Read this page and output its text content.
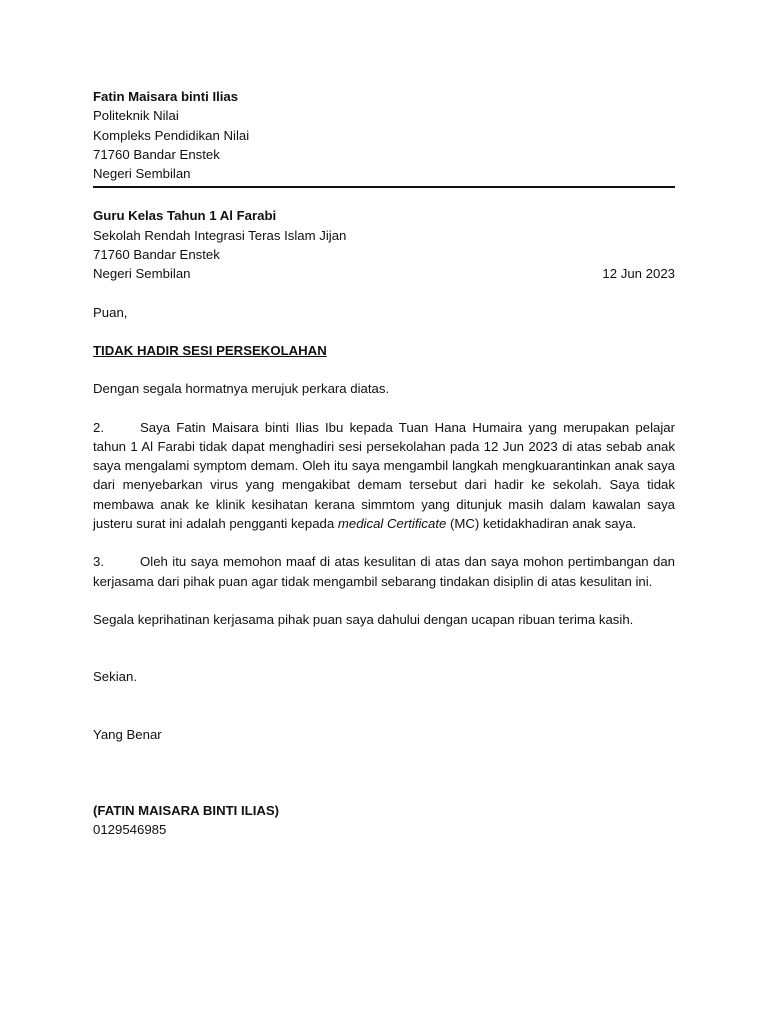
Fatin Maisara binti Ilias
Politeknik Nilai
Kompleks Pendidikan Nilai
71760 Bandar Enstek
Negeri Sembilan
Guru Kelas Tahun 1 Al Farabi
Sekolah Rendah Integrasi Teras Islam Jijan
71760 Bandar Enstek
Negeri Sembilan	12 Jun 2023
Puan,
TIDAK HADIR SESI PERSEKOLAHAN
Dengan segala hormatnya merujuk perkara diatas.

2.	Saya Fatin Maisara binti Ilias Ibu kepada Tuan Hana Humaira yang merupakan pelajar tahun 1 Al Farabi tidak dapat menghadiri sesi persekolahan pada 12 Jun 2023 di atas sebab anak saya mengalami symptom demam. Oleh itu saya mengambil langkah mengkuarantinkan anak saya dari menyebarkan virus yang mengakibat demam tersebut dari hadir ke sekolah. Saya tidak membawa anak ke klinik kesihatan kerana simmtom yang ditunjuk masih dalam kawalan saya justeru surat ini adalah pengganti kepada medical Certificate (MC) ketidakhadiran anak saya.

3.	Oleh itu saya memohon maaf di atas kesulitan di atas dan saya mohon pertimbangan dan kerjasama dari pihak puan agar tidak mengambil sebarang tindakan disiplin di atas kesulitan ini.

Segala keprihatinan kerjasama pihak puan saya dahului dengan ucapan ribuan terima kasih.
Sekian.
Yang Benar
(FATIN MAISARA BINTI ILIAS)
0129546985
